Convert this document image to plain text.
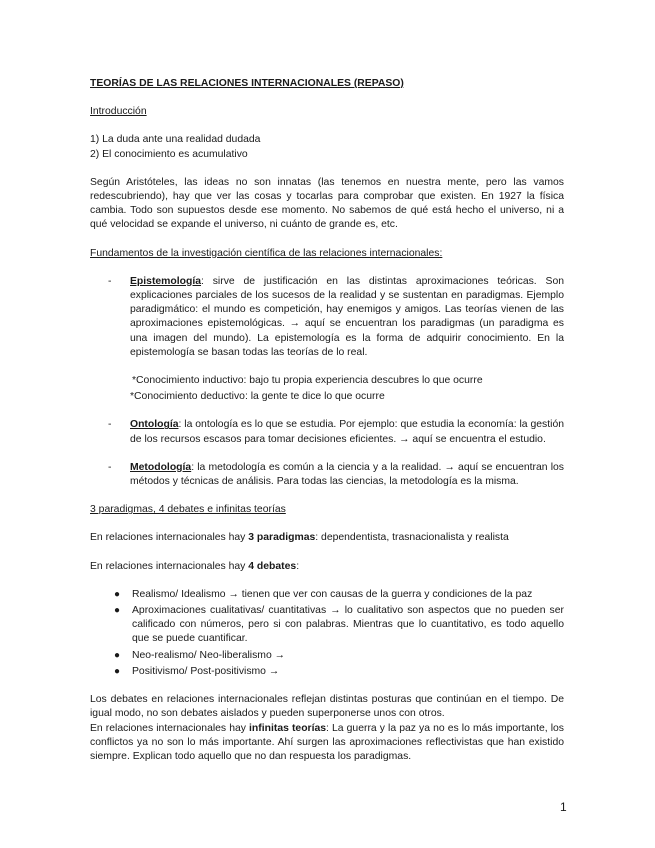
TEORÍAS DE LAS RELACIONES INTERNACIONALES (REPASO)

Introducción

1) La duda ante una realidad dudada

2) El conocimiento es acumulativo

Según Aristóteles, las ideas no son innatas (las tenemos en nuestra mente, pero las vamos redescubriendo), hay que ver las cosas y tocarlas para comprobar que existen. En 1927 la física cambia. Todo son supuestos desde ese momento. No sabemos de qué está hecho el universo, ni a qué velocidad se expande el universo, ni cuánto de grande es, etc.

Fundamentos de la investigación científica de las relaciones internacionales:

- Epistemología: sirve de justificación en las distintas aproximaciones teóricas. Son explicaciones parciales de los sucesos de la realidad y se sustentan en paradigmas. Ejemplo paradigmático: el mundo es competición, hay enemigos y amigos. Las teorías vienen de las aproximaciones epistemológicas. → aquí se encuentran los paradigmas (un paradigma es una imagen del mundo). La epistemología es la forma de adquirir conocimiento. En la epistemología se basan todas las teorías de lo real.

*Conocimiento inductivo: bajo tu propia experiencia descubres lo que ocurre

*Conocimiento deductivo: la gente te dice lo que ocurre

- Ontología: la ontología es lo que se estudia. Por ejemplo: que estudia la economía: la gestión de los recursos escasos para tomar decisiones eficientes. → aquí se encuentra el estudio.
- Metodología: la metodología es común a la ciencia y a la realidad. → aquí se encuentran los métodos y técnicas de análisis. Para todas las ciencias, la metodología es la misma.

3 paradigmas, 4 debates e infinitas teorías

En relaciones internacionales hay 3 paradigmas: dependentista, trasnacionalista y realista

En relaciones internacionales hay 4 debates:

● Realismo/ Idealismo → tienen que ver con causas de la guerra y condiciones de la paz
● Aproximaciones cualitativas/ cuantitativas → lo cualitativo son aspectos que no pueden ser calificado con números, pero si con palabras. Mientras que lo cuantitativo, es todo aquello que se puede cuantificar.
● Neo-realismo/ Neo-liberalismo →
● Positivismo/ Post-positivismo →

Los debates en relaciones internacionales reflejan distintas posturas que continúan en el tiempo. De igual modo, no son debates aislados y pueden superponerse unos con otros.

En relaciones internacionales hay infinitas teorías: La guerra y la paz ya no es lo más importante, los conflictos ya no son lo más importante. Ahí surgen las aproximaciones reflectivistas que han existido siempre. Explican todo aquello que no dan respuesta los paradigmas.

1
